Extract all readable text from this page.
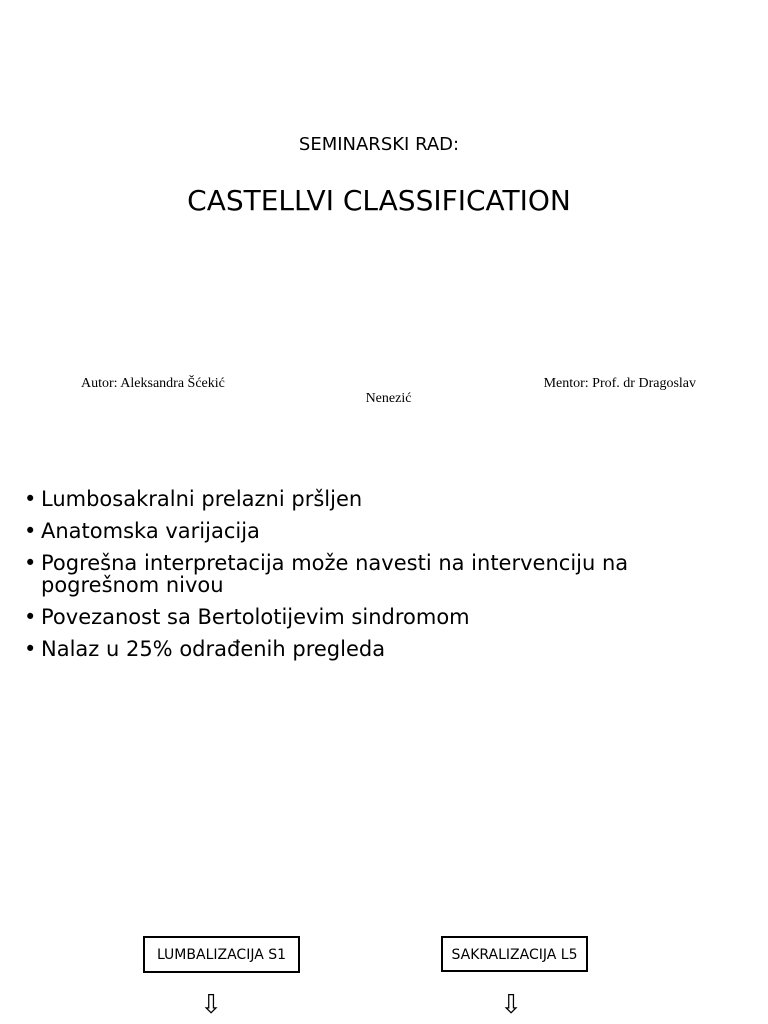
SEMINARSKI RAD:
CASTELLVI CLASSIFICATION
Autor: Aleksandra Šćekić	Mentor: Prof. dr Dragoslav
Nenezić
• Lumbosakralni prelazni pršljen
• Anatomska varijacija
• Pogrešna interpretacija može navesti na intervenciju na pogrešnom nivou
• Povezanost sa Bertolotijevim sindromom
• Nalaz u 25% odrađenih pregleda
LUMBALIZACIJA S1	SAKRALIZACIJA L5
⇩	⇩
